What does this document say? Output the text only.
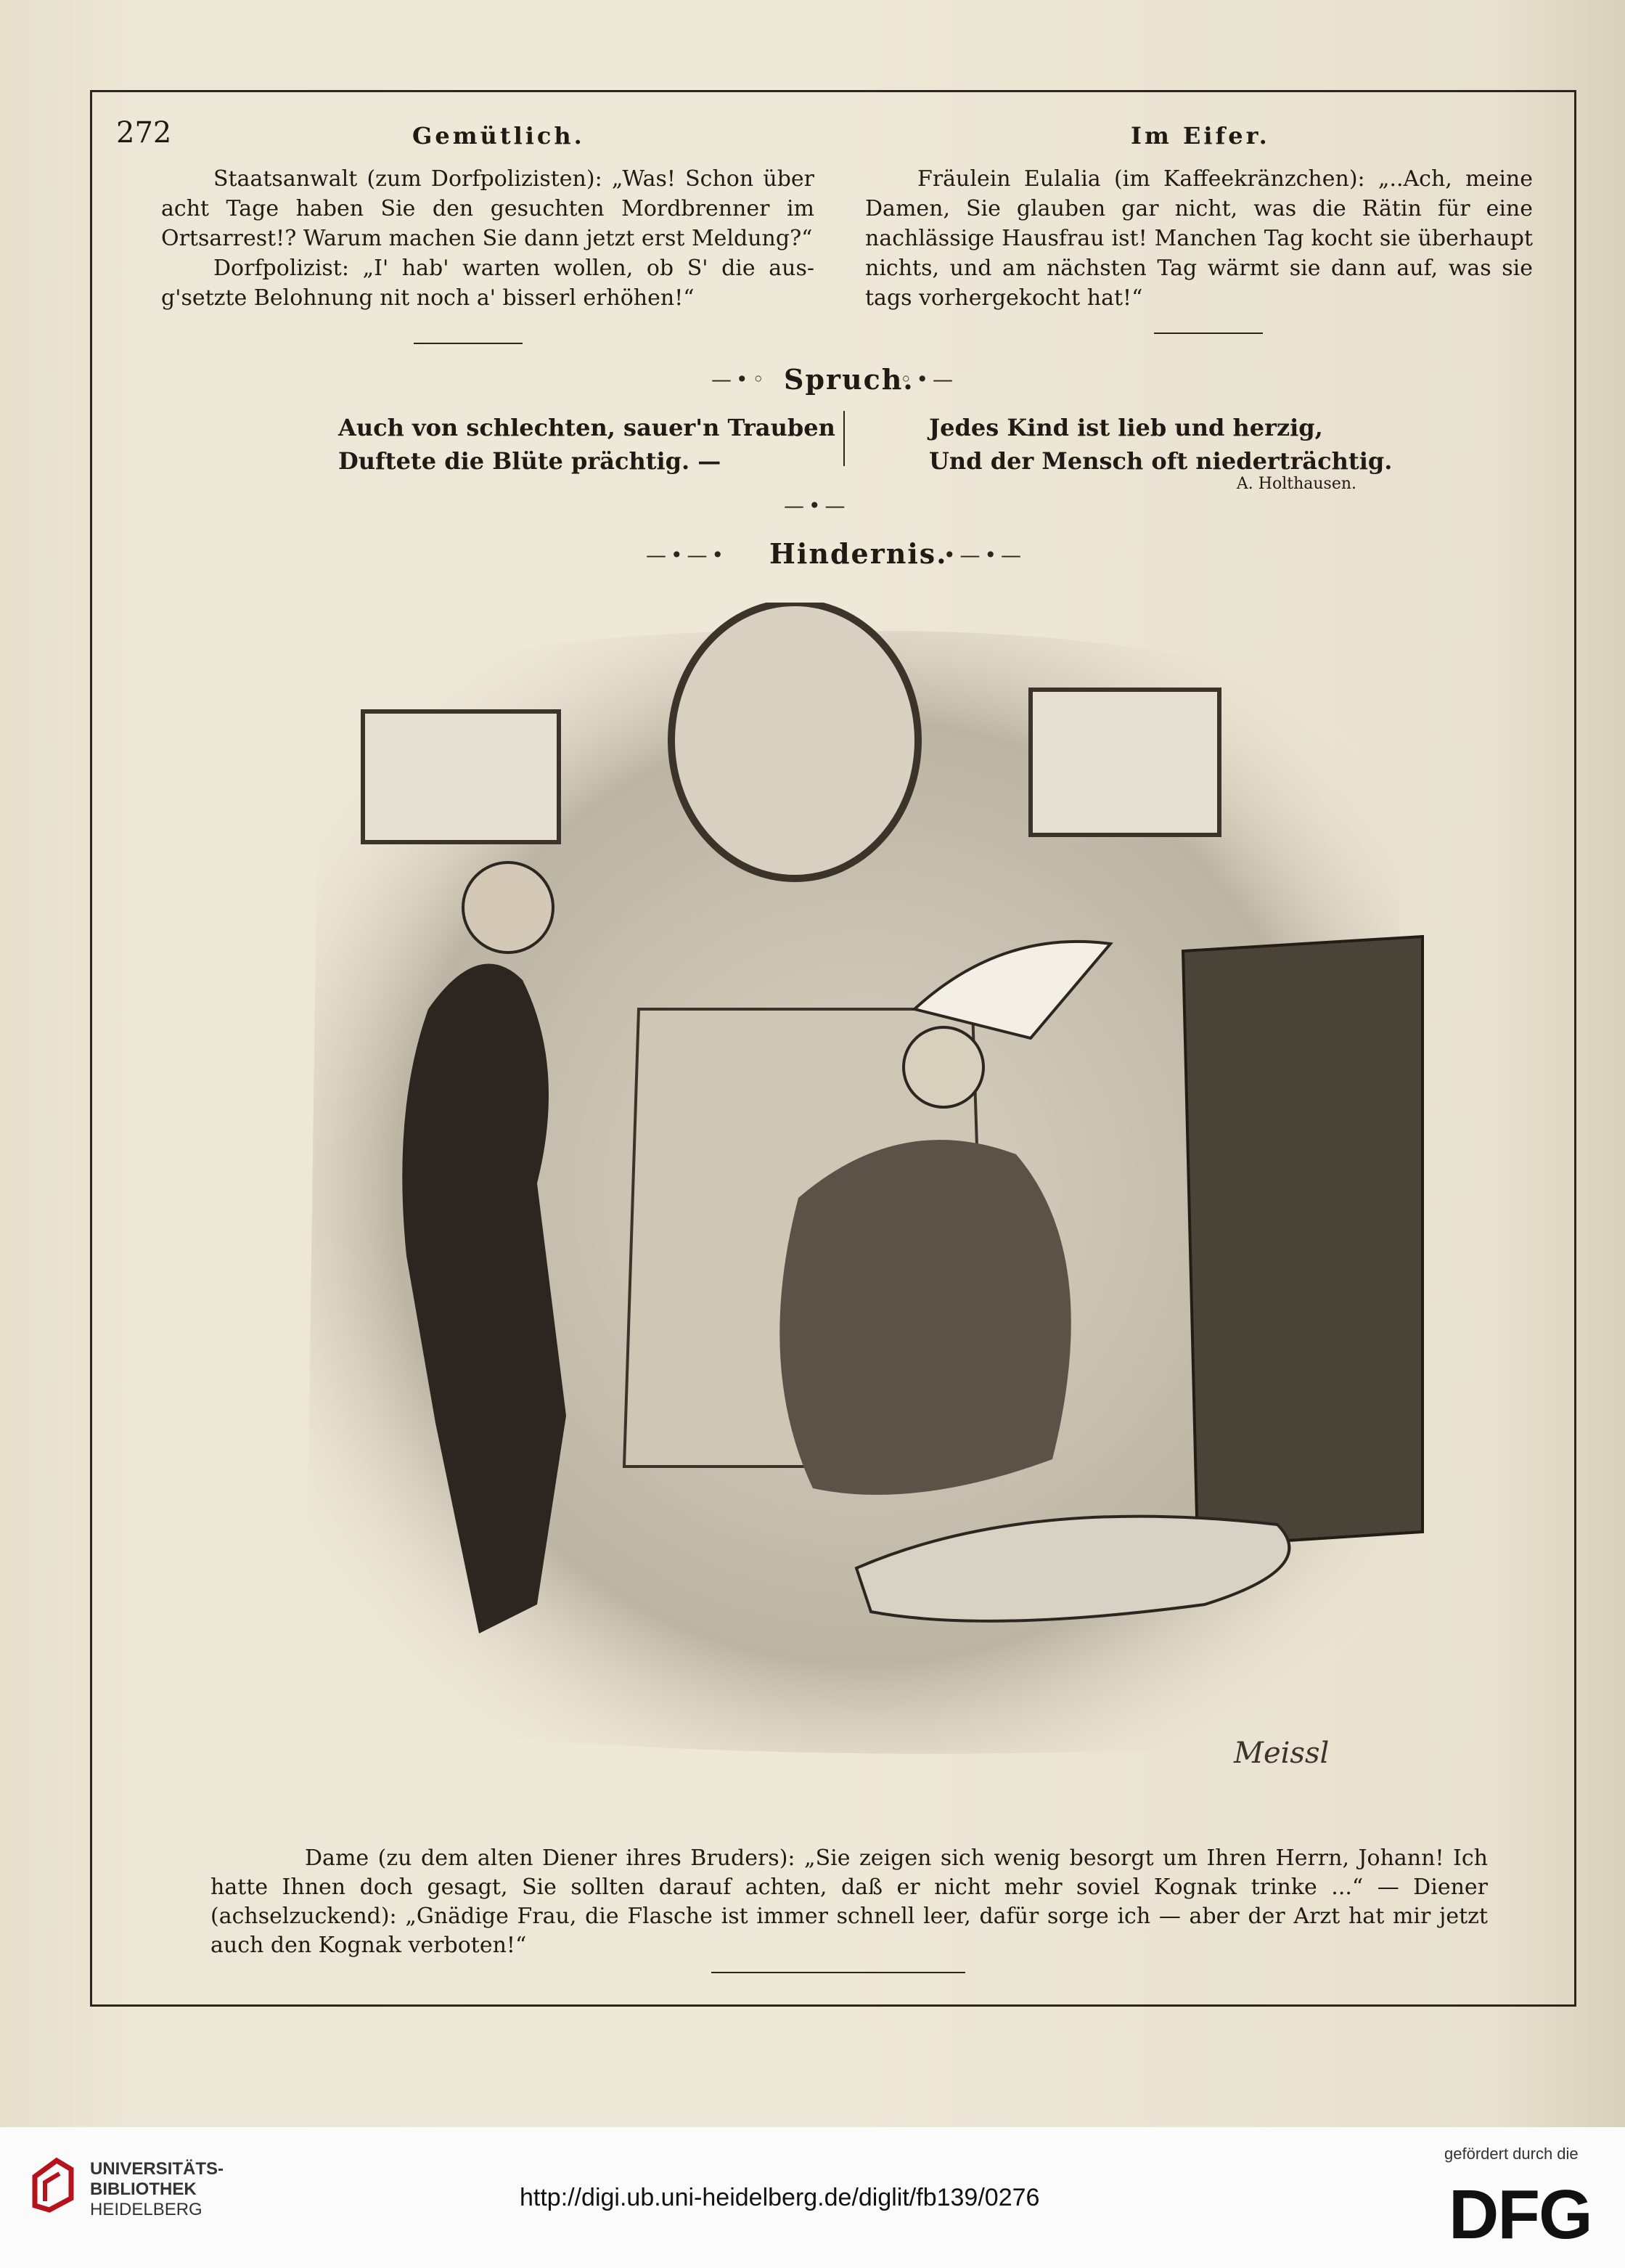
272	Gemütlich.	Im Eifer.

Staatsanwalt (zum Dorfpolizisten): „Was! Schon über acht Tage haben Sie den gesuchten Mordbrenner im Ortsarrest!? Warum machen Sie dann jetzt erst Meldung?“

Dorfpolizist: „I' hab' warten wollen, ob S' die aus-g'setzte Belohnung nit noch a' bisserl erhöhen!“

Fräulein Eulalia (im Kaffeekränzchen): „..Ach, meine Damen, Sie glauben gar nicht, was die Rätin für eine nachlässige Hausfrau ist! Manchen Tag kocht sie überhaupt nichts, und am nächsten Tag wärmt sie dann auf, was sie tags vorhergekocht hat!“

—•◦ Spruch.
◦•—
Auch von schlechten, sauer'n Trauben
Duftete die Blüte prächtig. —
Jedes Kind ist lieb und herzig,
Und der Mensch oft niederträchtig.
A. Holthausen.
—•—
—•—• Hindernis.
•—•—
Meissl

Dame (zu dem alten Diener ihres Bruders): „Sie zeigen sich wenig besorgt um Ihren Herrn, Johann! Ich hatte Ihnen doch gesagt, Sie sollten darauf achten, daß er nicht mehr soviel Kognak trinke ...“ — Diener (achselzuckend): „Gnädige Frau, die Flasche ist immer schnell leer, dafür sorge ich — aber der Arzt hat mir jetzt auch den Kognak verboten!“

UNIVERSITÄTS-
BIBLIOTHEK
HEIDELBERG	http://digi.ub.uni-heidelberg.de/diglit/fb139/0276
gefördert durch die
DFG
